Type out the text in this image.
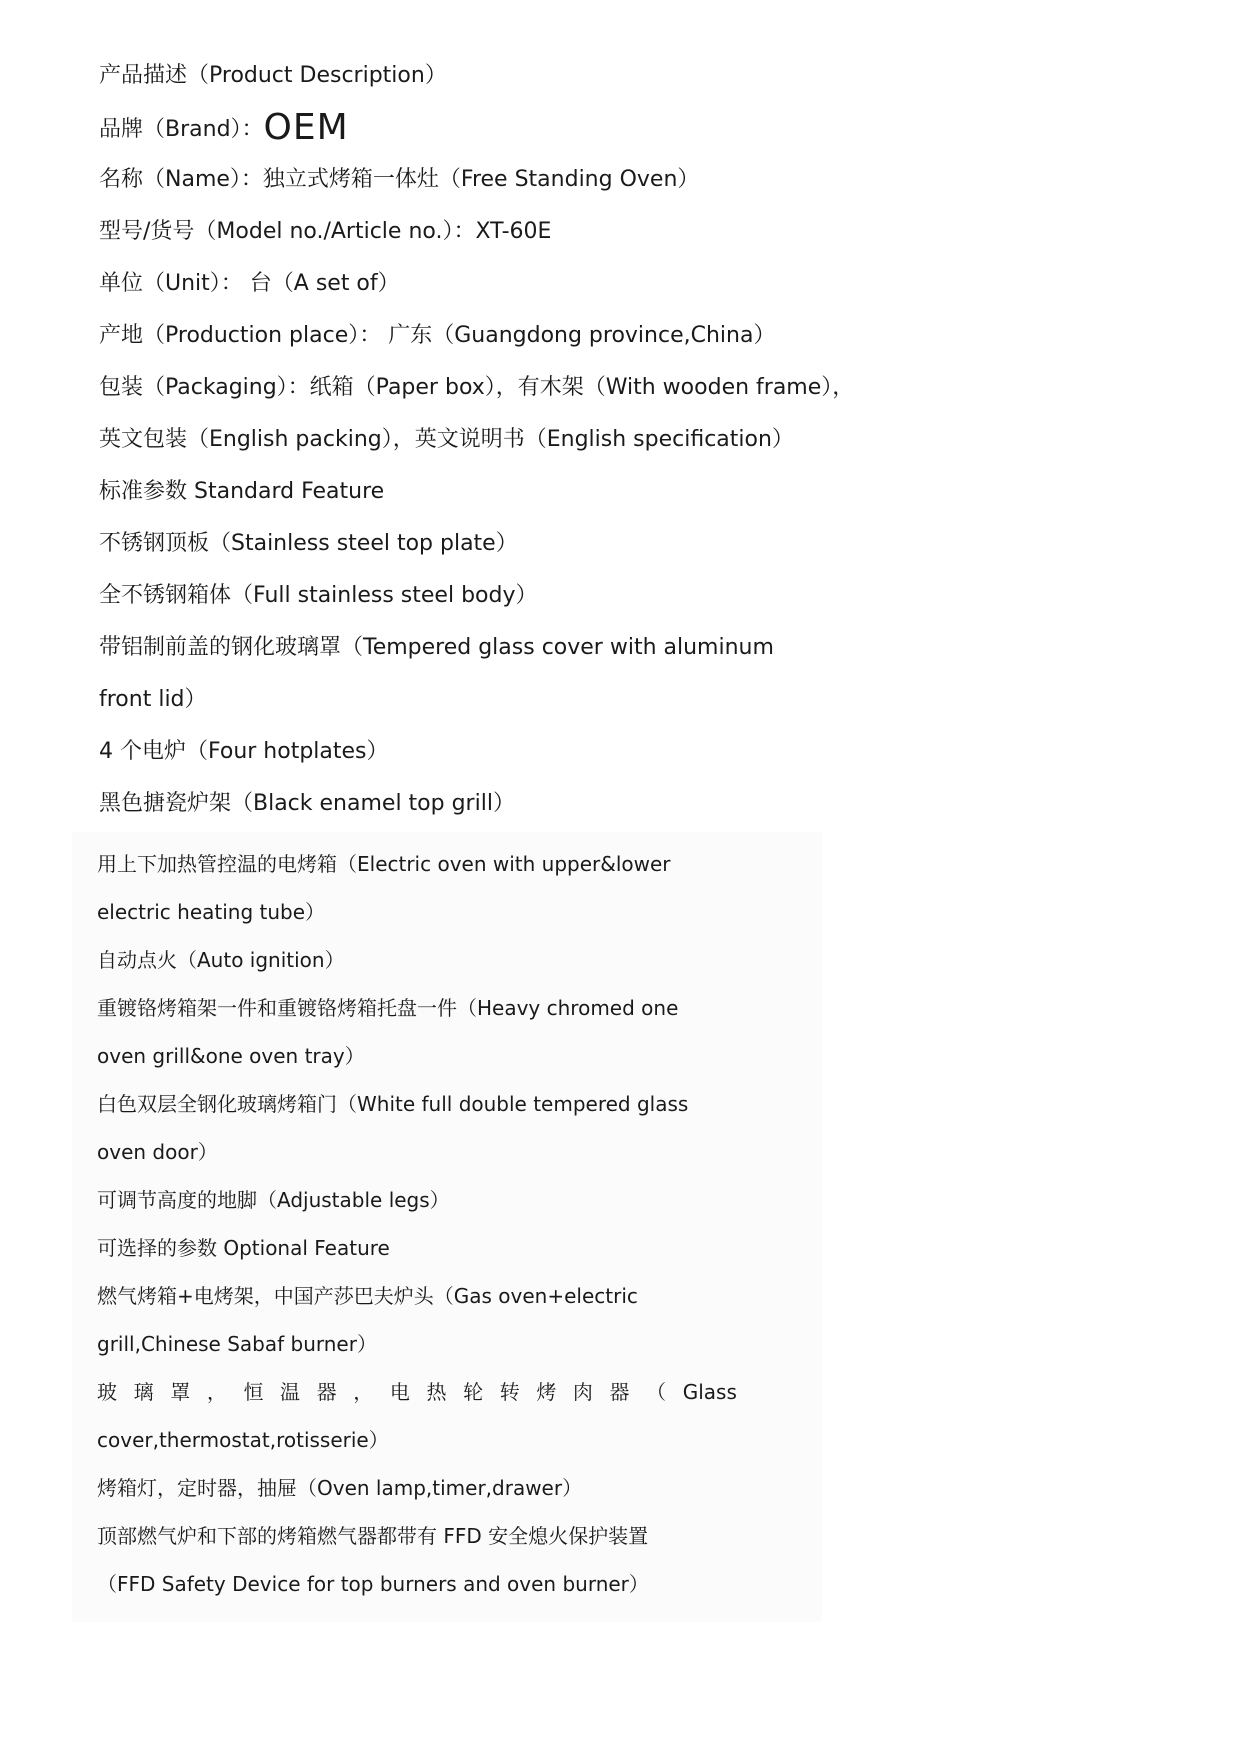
产品描述（Product Description）
品牌（Brand）：OEM
名称（Name）：独立式烤箱一体灶（Free Standing Oven）
型号/货号（Model no./Article no.）：XT-60E
单位（Unit）： 台（A set of）
产地（Production place）： 广东（Guangdong province,China）
包装（Packaging）：纸箱（Paper box），有木架（With wooden frame），
英文包装（English packing），英文说明书（English specification）
标准参数 Standard Feature
不锈钢顶板（Stainless steel top plate）
全不锈钢箱体（Full stainless steel body）
带铝制前盖的钢化玻璃罩（Tempered glass cover with aluminum
front lid）
4 个电炉（Four hotplates）
黑色搪瓷炉架（Black enamel top grill）
用上下加热管控温的电烤箱（Electric oven with upper&lower
electric heating tube）
自动点火（Auto ignition）
重镀铬烤箱架一件和重镀铬烤箱托盘一件（Heavy chromed one
oven grill&one oven tray）
白色双层全钢化玻璃烤箱门（White full double tempered glass
oven door）
可调节高度的地脚（Adjustable legs）
可选择的参数 Optional Feature
燃气烤箱+电烤架，中国产莎巴夫炉头（Gas oven+electric
grill,Chinese Sabaf burner）
玻 璃 罩 ， 恒 温 器 ， 电 热 轮 转 烤 肉 器 （ Glass
cover,thermostat,rotisserie）
烤箱灯，定时器，抽屉（Oven lamp,timer,drawer）
顶部燃气炉和下部的烤箱燃气器都带有 FFD 安全熄火保护装置
（FFD Safety Device for top burners and oven burner）
